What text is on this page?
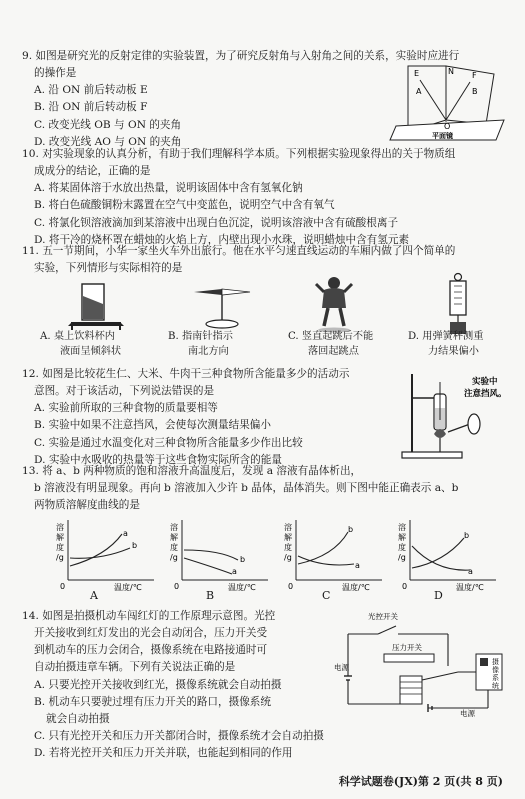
9. 如图是研究光的反射定律的实验装置，为了研究反射角与入射角之间的关系，实验时应进行
的操作是
A. 沿 ON 前后转动板 E
B. 沿 ON 前后转动板 F
C. 改变光线 OB 与 ON 的夹角
D. 改变光线 AO 与 ON 的夹角
E	N F
A	B
O
平面镜
10. 对实验现象的认真分析，有助于我们理解科学本质。下列根据实验现象得出的关于物质组
成成分的结论，正确的是
A. 将某固体溶于水放出热量，说明该固体中含有氢氧化钠
B. 将白色硫酸铜粉末露置在空气中变蓝色，说明空气中含有氧气
C. 将氯化钡溶液滴加到某溶液中出现白色沉淀，说明该溶液中含有硫酸根离子
D. 将干冷的烧杯罩在蜡烛的火焰上方，内壁出现小水珠，说明蜡烛中含有氢元素
11. 五一节期间，小华一家坐火车外出旅行。他在水平匀速直线运动的车厢内做了四个简单的
实验，下列情形与实际相符的是
A. 桌上饮料杯内
液面呈倾斜状
B. 指南针指示
南北方向
C. 竖直起跳后不能
落回起跳点
D. 用弹簧秤测重
力结果偏小
12. 如图是比较花生仁、大米、牛肉干三种食物所含能量多少的活动示
意图。对于该活动，下列说法错误的是
A. 实验前所取的三种食物的质量要相等
B. 实验中如果不注意挡风，会使每次测量结果偏小
C. 实验是通过水温变化对三种食物所含能量多少作出比较
D. 实验中水吸收的热量等于这些食物实际所含的能量
实验中
注意挡风。
13. 将 a、b 两种物质的饱和溶液升高温度后，发现 a 溶液有晶体析出，
b 溶液没有明显现象。再向 b 溶液加入少许 b 晶体，晶体消失。则下图中能正确表示 a、b
两物质溶解度曲线的是
溶
解
度
/g
0	温度/℃
a
b
溶
解
度
/g
0	温度/℃
b
a
溶
解
度
/g
0	温度/℃
b
a
溶
解
度
/g
0	温度/℃
a
b
A	B	C	D
14. 如图是拍摄机动车闯红灯的工作原理示意图。光控
开关接收到红灯发出的光会自动闭合，压力开关受
到机动车的压力会闭合，摄像系统在电路接通时可
自动拍摄违章车辆。下列有关说法正确的是
A. 只要光控开关接收到红光，摄像系统就会自动拍摄
B. 机动车只要驶过埋有压力开关的路口，摄像系统
就会自动拍摄
C. 只有光控开关和压力开关都闭合时，摄像系统才会自动拍摄
D. 若将光控开关和压力开关并联，也能起到相同的作用
光控开关
电源
压力开关
摄
像
系
统
电源
科学试题卷(JX)第 2 页(共 8 页)
